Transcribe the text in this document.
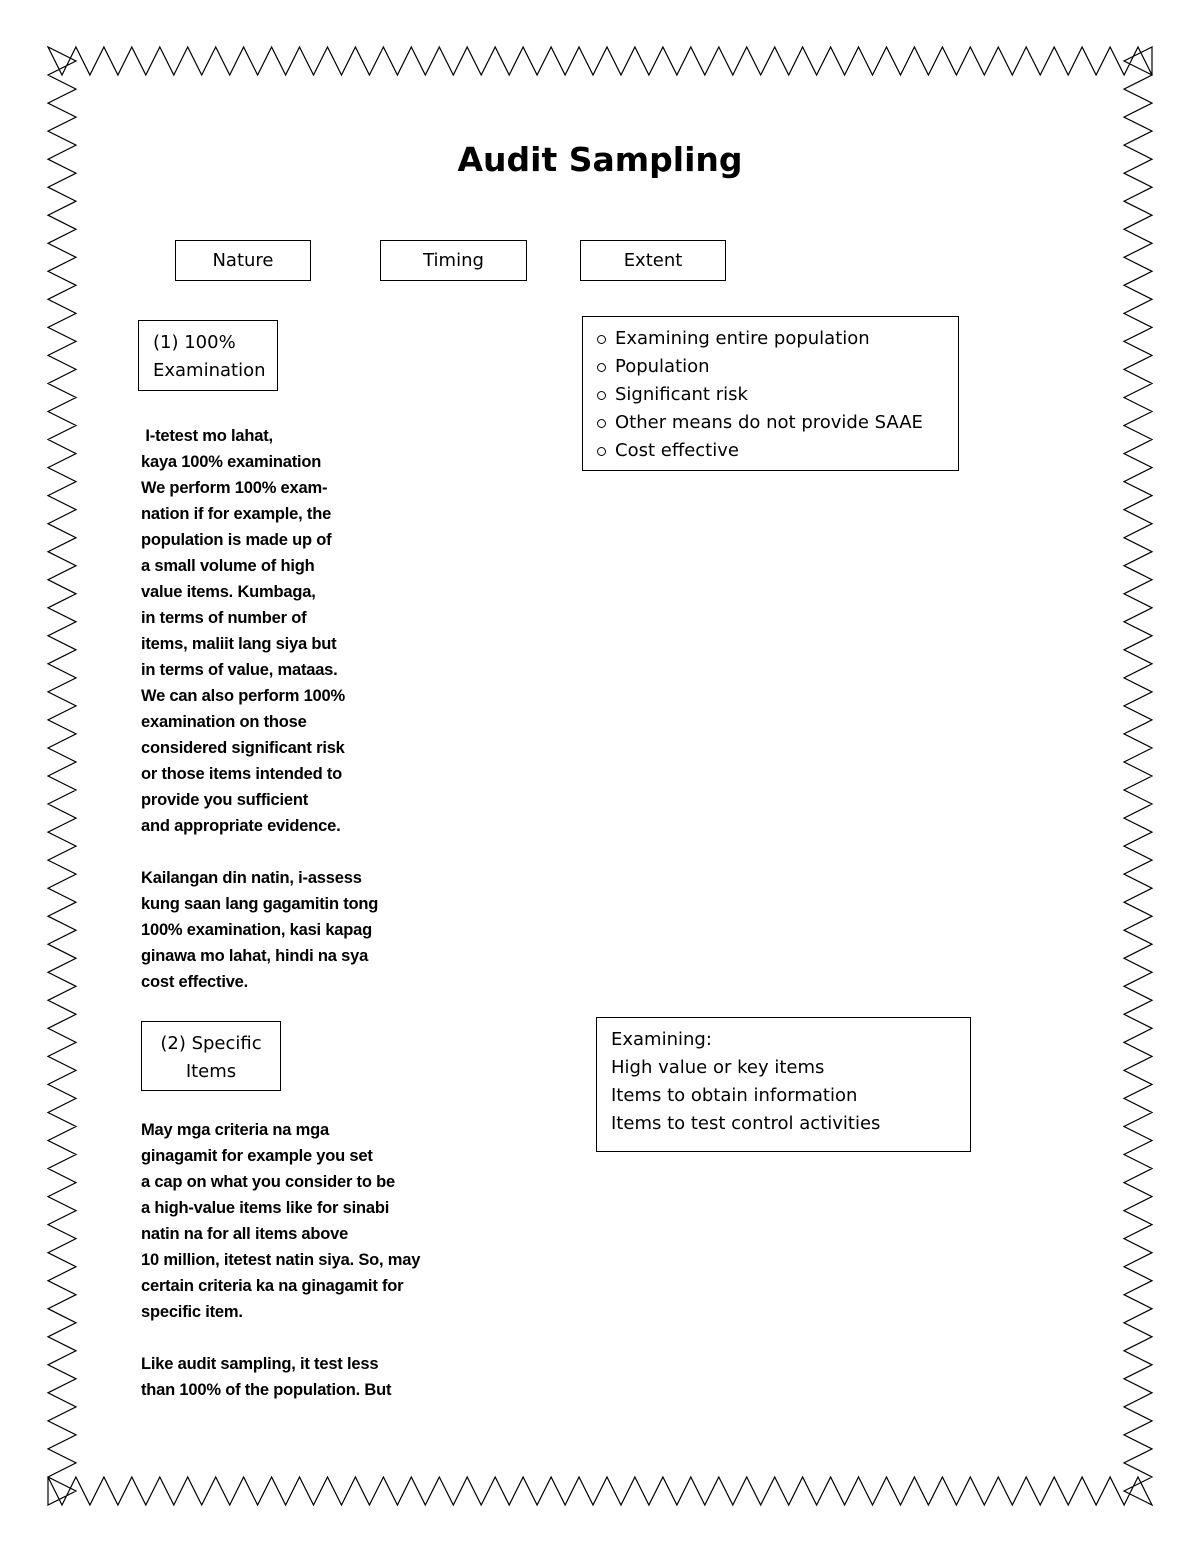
Audit Sampling
Nature	Timing	Extent
(1) 100%
Examination
Examining entire population
Population
Significant risk
Other means do not provide SAAE
Cost effective
I-tetest mo lahat,
kaya 100% examination
We perform 100% exam-
nation if for example, the
population is made up of
a small volume of high
value items. Kumbaga,
in terms of number of
items, maliit lang siya but
in terms of value, mataas.
We can also perform 100%
examination on those
considered significant risk
or those items intended to
provide you sufficient
and appropriate evidence.

Kailangan din natin, i-assess
kung saan lang gagamitin tong
100% examination, kasi kapag
ginawa mo lahat, hindi na sya
cost effective.
(2) Specific
Items
Examining:
High value or key items
Items to obtain information
Items to test control activities
May mga criteria na mga
ginagamit for example you set
a cap on what you consider to be
a high-value items like for sinabi
natin na for all items above
10 million, itetest natin siya. So, may
certain criteria ka na ginagamit for
specific item.

Like audit sampling, it test less
than 100% of the population. But
